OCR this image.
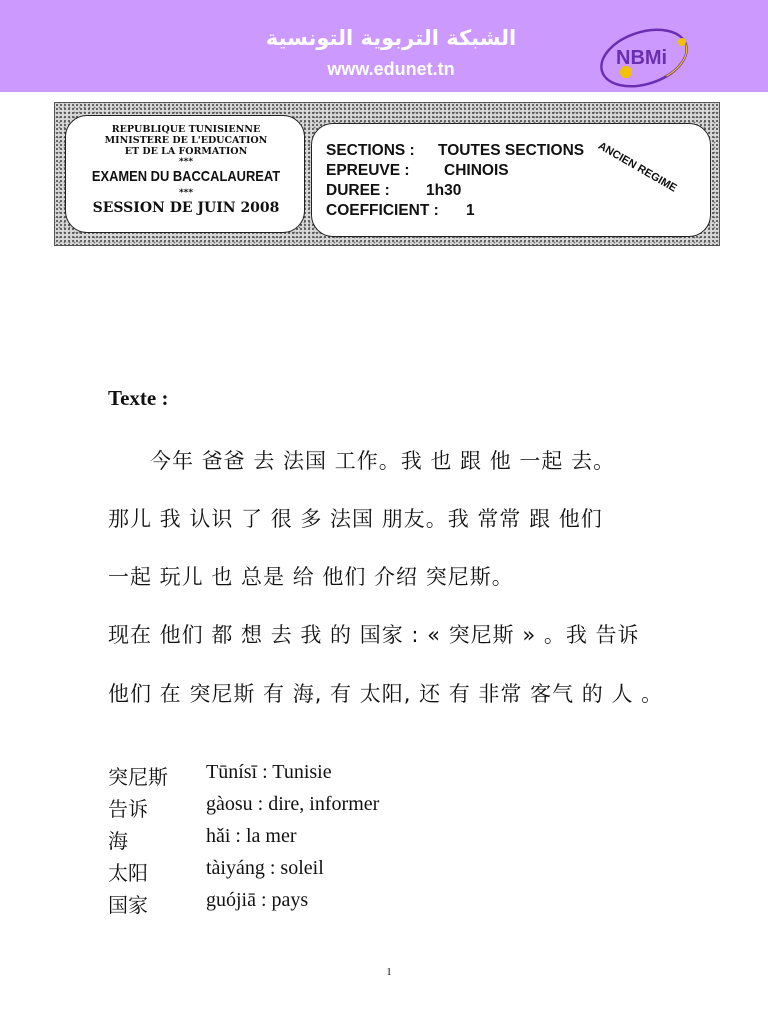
الشبكة التربوية التونسية
www.edunet.tn	NBMi
REPUBLIQUE TUNISIENNE
MINISTERE DE L'EDUCATION
ET DE LA FORMATION
***
EXAMEN DU BACCALAUREAT
***
SESSION DE JUIN 2008
SECTIONS : TOUTES SECTIONS
EPREUVE : CHINOIS
DUREE : 1h30
COEFFICIENT : 1
ANCIEN REGIME
Texte :
今年 爸爸 去 法国 工作。我 也 跟 他 一起 去。
那儿 我 认识 了 很 多 法国 朋友。我 常常 跟 他们
一起 玩儿 也 总是 给 他们 介绍 突尼斯。
现在 他们 都 想 去 我 的 国家 : « 突尼斯 » 。我 告诉
他们 在 突尼斯 有 海, 有 太阳, 还 有 非常 客气 的 人 。
突尼斯 Tūnísī : Tunisie
告诉	gàosu : dire, informer
海	hǎi : la mer
太阳	tàiyáng : soleil
国家	guójiā : pays
1
